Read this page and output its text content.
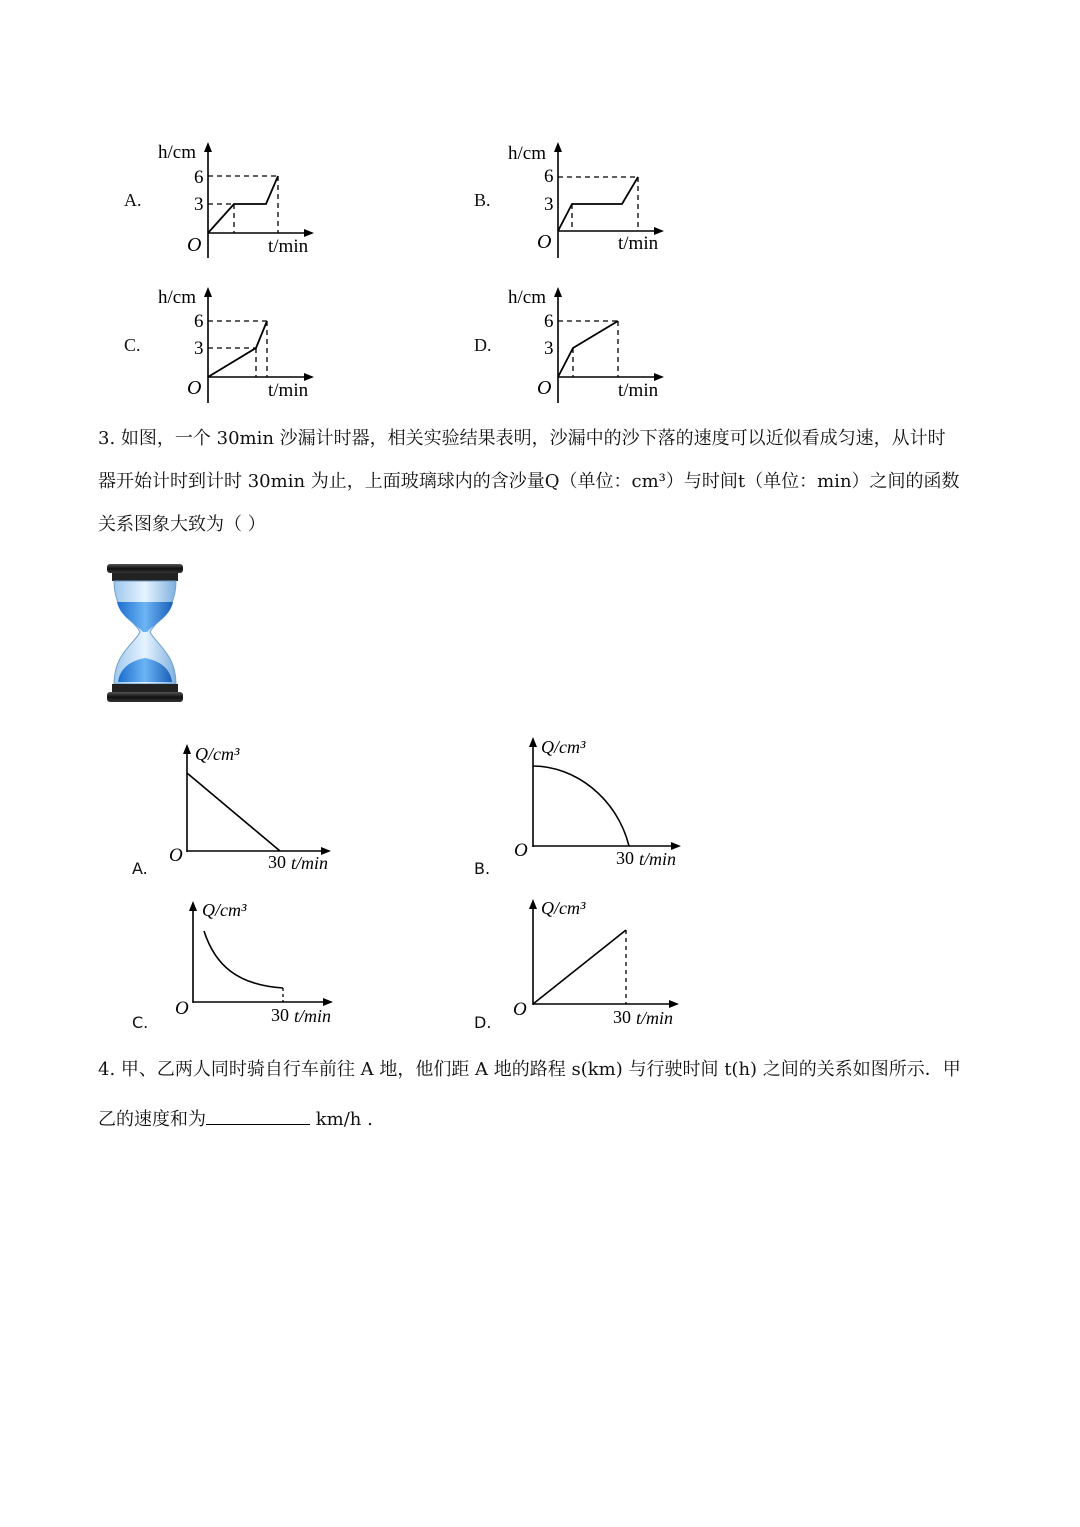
A.
h/cm
t/min
O
6
3	B.
h/cm
t/min
O
6
3
C.
h/cm
t/min
O
6
3	D.
h/cm
t/min
O
6
3
3. 如图，一个 30min 沙漏计时器，相关实验结果表明，沙漏中的沙下落的速度可以近似看成匀速，从计时
器开始计时到计时 30min 为止，上面玻璃球内的含沙量Q（单位：cm³）与时间t（单位：min）之间的函数
关系图象大致为（ ）
A.
Q/cm³
O	30 t/min	B.
Q/cm³
O	30 t/min
C.
Q/cm³
O	30 t/min	D.
Q/cm³
O	30 t/min
4. 甲、乙两人同时骑自行车前往 A 地，他们距 A 地的路程 s(km) 与行驶时间 t(h) 之间的关系如图所示．甲
乙的速度和为	km/h .
